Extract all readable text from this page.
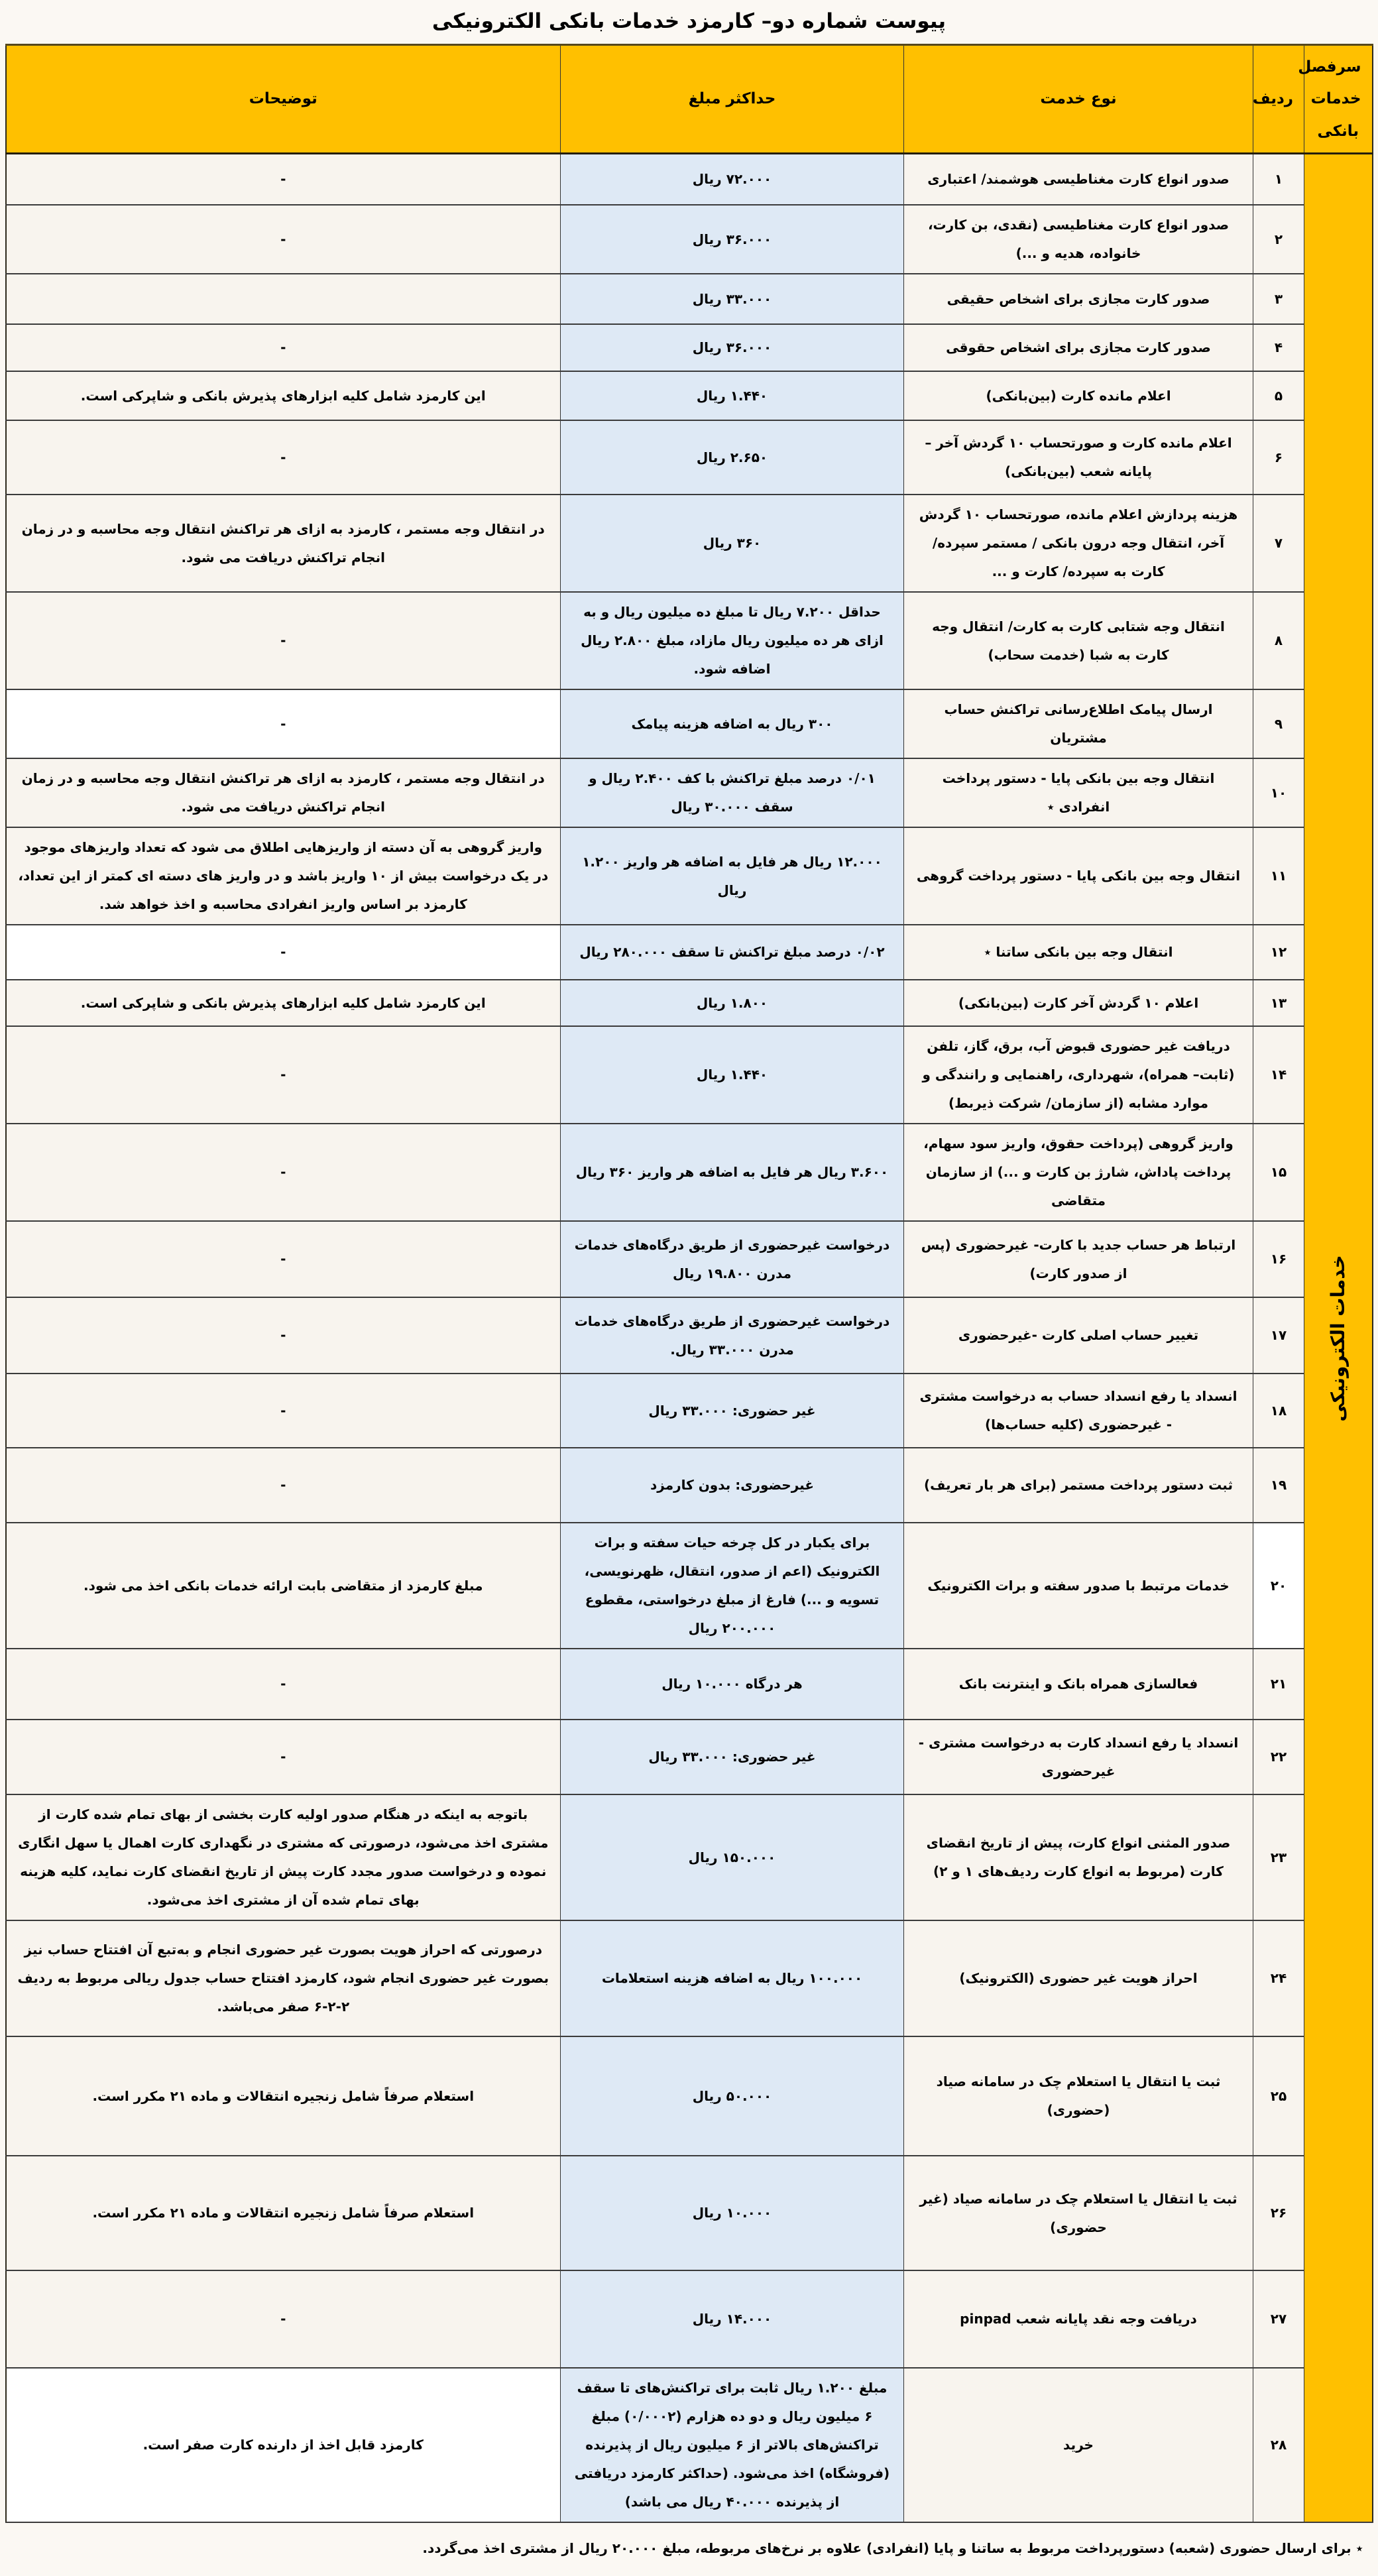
پیوست شماره دو– کارمزد خدمات بانکی الکترونیکی
سرفصل خدمات بانکی	ردیف	نوع خدمت	حداکثر مبلغ	توضیحات

خدمات الکترونیکی	۱	صدور انواع کارت مغناطیسی هوشمند/ اعتباری	۷۲.۰۰۰ ریال	-
	۲	صدور انواع کارت مغناطیسی (نقدی، بن کارت، خانواده، هدیه و ...)	۳۶.۰۰۰ ریال	-
	۳	صدور کارت مجازی برای اشخاص حقیقی	۳۳.۰۰۰ ریال	
	۴	صدور کارت مجازی برای اشخاص حقوقی	۳۶.۰۰۰ ریال	-
	۵	اعلام مانده کارت (بین‌بانکی)	۱.۴۴۰ ریال	این کارمزد شامل کلیه ابزارهای پذیرش بانکی و شاپرکی است.
	۶	اعلام مانده کارت و صورتحساب ۱۰ گردش آخر – پایانه شعب (بین‌بانکی)	۲.۶۵۰ ریال	-
	۷	هزینه پردازش اعلام مانده، صورتحساب ۱۰ گردش آخر، انتقال وجه درون بانکی / مستمر سپرده/ کارت به سپرده/ کارت و ...	۳۶۰ ریال	در انتقال وجه مستمر ، کارمزد به ازای هر تراکنش انتقال وجه محاسبه و در زمان انجام تراکنش دریافت می شود.
	۸	انتقال وجه شتابی کارت به کارت/ انتقال وجه کارت به شبا (خدمت سحاب)	حداقل ۷.۲۰۰ ریال تا مبلغ ده میلیون ریال و به ازای هر ده میلیون ریال مازاد، مبلغ ۲.۸۰۰ ریال اضافه شود.	-
	۹	ارسال پیامک اطلاع‌رسانی تراکنش حساب مشتریان	۳۰۰ ریال به اضافه هزینه پیامک	-
	۱۰	انتقال وجه بین بانکی پایا - دستور پرداخت انفرادی ٭	۰/۰۱ درصد مبلغ تراکنش با کف ۲.۴۰۰ ریال و سقف ۳۰.۰۰۰ ریال	در انتقال وجه مستمر ، کارمزد به ازای هر تراکنش انتقال وجه محاسبه و در زمان انجام تراکنش دریافت می شود.
	۱۱	انتقال وجه بین بانکی پایا - دستور پرداخت گروهی	۱۲.۰۰۰ ریال هر فایل به اضافه هر واریز ۱.۲۰۰ ریال	واریز گروهی به آن دسته از واریزهایی اطلاق می شود که تعداد واریزهای موجود در یک درخواست بیش از ۱۰ واریز باشد و در واریز های دسته ای کمتر از این تعداد، کارمزد بر اساس واریز انفرادی محاسبه و اخذ خواهد شد.
	۱۲	انتقال وجه بین بانکی ساتنا ٭	۰/۰۲ درصد مبلغ تراکنش تا سقف ۲۸۰.۰۰۰ ریال	-
	۱۳	اعلام ۱۰ گردش آخر کارت (بین‌بانکی)	۱.۸۰۰ ریال	این کارمزد شامل کلیه ابزارهای پذیرش بانکی و شاپرکی است.
	۱۴	دریافت غیر حضوری قبوض آب، برق، گاز، تلفن (ثابت– همراه)، شهرداری، راهنمایی و رانندگی و موارد مشابه (از سازمان/ شرکت ذیربط)	۱.۴۴۰ ریال	-
	۱۵	واریز گروهی (پرداخت حقوق، واریز سود سهام، پرداخت پاداش، شارژ بن کارت و ...) از سازمان متقاضی	۳.۶۰۰ ریال هر فایل به اضافه هر واریز ۳۶۰ ریال	-
	۱۶	ارتباط هر حساب جدید با کارت- غیرحضوری (پس از صدور کارت)	درخواست غیرحضوری از طریق درگاه‌های خدمات مدرن ۱۹.۸۰۰ ریال	-
	۱۷	تغییر حساب اصلی کارت -غیرحضوری	درخواست غیرحضوری از طریق درگاه‌های خدمات مدرن ۳۳.۰۰۰ ریال.	-
	۱۸	انسداد یا رفع انسداد حساب به درخواست مشتری - غیرحضوری (کلیه حساب‌ها)	غیر حضوری: ۳۳.۰۰۰ ریال	-
	۱۹	ثبت دستور پرداخت مستمر (برای هر بار تعریف)	غیرحضوری: بدون کارمزد	-
	۲۰	خدمات مرتبط با صدور سفته و برات الکترونیک	برای یکبار در کل چرخه حیات سفته و برات الکترونیک (اعم از صدور، انتقال، ظهرنویسی، تسویه و ...) فارغ از مبلغ درخواستی، مقطوع ۲۰۰.۰۰۰ ریال	مبلغ کارمزد از متقاضی بابت ارائه خدمات بانکی اخذ می شود.
	۲۱	فعالسازی همراه بانک و اینترنت بانک	هر درگاه ۱۰.۰۰۰ ریال	-
	۲۲	انسداد یا رفع انسداد کارت به درخواست مشتری - غیرحضوری	غیر حضوری: ۳۳.۰۰۰ ریال	-
	۲۳	صدور المثنی انواع کارت، پیش از تاریخ انقضای کارت (مربوط به انواع کارت ردیف‌های ۱ و ۲)	۱۵۰.۰۰۰ ریال	باتوجه به اینکه در هنگام صدور اولیه کارت بخشی از بهای تمام شده کارت از مشتری اخذ می‌شود، درصورتی که مشتری در نگهداری کارت اهمال یا سهل انگاری نموده و درخواست صدور مجدد کارت پیش از تاریخ انقضای کارت نماید، کلیه هزینه بهای تمام شده آن از مشتری اخذ می‌شود.
	۲۴	احراز هویت غیر حضوری (الکترونیک)	۱۰۰.۰۰۰ ریال به اضافه هزینه استعلامات	درصورتی که احراز هویت بصورت غیر حضوری انجام و به‌تبع آن افتتاح حساب نیز بصورت غیر حضوری انجام شود، کارمزد افتتاح حساب جدول ریالی مربوط به ردیف ۲-۲-۶ صفر می‌باشد.
	۲۵	ثبت یا انتقال یا استعلام چک در سامانه صیاد (حضوری)	۵۰.۰۰۰ ریال	استعلام صرفاً شامل زنجیره انتقالات و ماده ۲۱ مکرر است.
	۲۶	ثبت یا انتقال یا استعلام چک در سامانه صیاد (غیر حضوری)	۱۰.۰۰۰ ریال	استعلام صرفاً شامل زنجیره انتقالات و ماده ۲۱ مکرر است.
	۲۷	دریافت وجه نقد پایانه شعب pinpad	۱۴.۰۰۰ ریال	-
	۲۸	خرید	مبلغ ۱.۲۰۰ ریال ثابت برای تراکنش‌های تا سقف ۶ میلیون ریال و دو ده هزارم (۰/۰۰۰۲) مبلغ تراکنش‌های بالاتر از ۶ میلیون ریال از پذیرنده (فروشگاه) اخذ می‌شود. (حداکثر کارمزد دریافتی از پذیرنده ۴۰.۰۰۰ ریال می باشد)	کارمزد قابل اخذ از دارنده کارت صفر است.
٭ برای ارسال حضوری (شعبه) دستورپرداخت مربوط به ساتنا و پایا (انفرادی) علاوه بر نرخ‌های مربوطه، مبلغ ۲۰.۰۰۰ ریال از مشتری اخذ می‌گردد.
